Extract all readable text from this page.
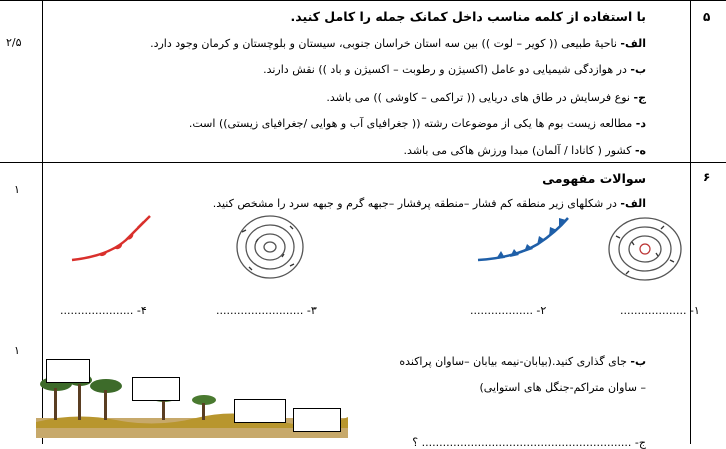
۵
۲/۵
با استفاده از کلمه مناسب داخل کمانک جمله را کامل کنید.
الف- ناحیهٔ طبیعی (( کویر – لوت )) بین سه استان خراسان جنوبی، سیستان و بلوچستان و کرمان وجود دارد.
ب- در هوازدگی شیمیایی دو عامل (اکسیژن و رطوبت – اکسیژن و باد )) نقش دارند.
ج- نوع فرسایش در طاق های دریایی (( تراکمی – کاوشی )) می باشد.
د- مطالعه زیست بوم ها یکی از موضوعات رشته (( جغرافیای آب و هوایی /جغرافیای زیستی)) است.
ه- کشور ( کانادا / آلمان) مبدا ورزش هاکی می باشد.
۶
سوالات مفهومی
۱
الف- در شکلهای زیر منطقه کم فشار –منطقه پرفشار –جبهه گرم و جبهه سرد را مشخص کنید.
۱- ...................
۲- ..................
۳- .........................
۴- .....................
۱
ب- جای گذاری کنید.(بیابان-نیمه بیابان –ساوان پراکنده
– ساوان متراکم-جنگل های استوایی)
ج- ............................................................ ؟
